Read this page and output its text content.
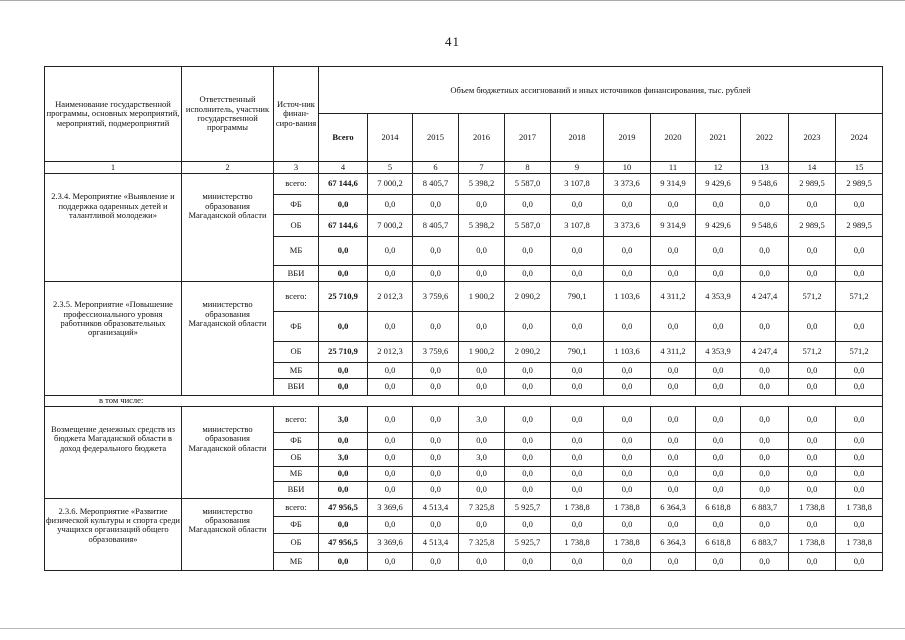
41
Наименование государственной программы, основных мероприятий, мероприятий, подмероприятий	Ответственный исполнитель, участник государственной программы	Источ-ник финан-сиро-вания	Объем бюджетных ассигнований и иных источников финансирования, тыс. рублей											
			Всего	2014	2015	2016	2017	2018	2019	2020	2021	2022	2023	2024
1	2	3	4	5	6	7	8	9	10	11	12	13	14	15
2.3.4. Мероприятие «Выявление и поддержка одаренных детей и талантливой молодежи»	министерство образования Магаданской области	всего:	67 144,6	7 000,2	8 405,7	5 398,2	5 587,0	3 107,8	3 373,6	9 314,9	9 429,6	9 548,6	2 989,5	2 989,5
		ФБ	0,0	0,0	0,0	0,0	0,0	0,0	0,0	0,0	0,0	0,0	0,0	0,0
		ОБ	67 144,6	7 000,2	8 405,7	5 398,2	5 587,0	3 107,8	3 373,6	9 314,9	9 429,6	9 548,6	2 989,5	2 989,5
		МБ	0,0	0,0	0,0	0,0	0,0	0,0	0,0	0,0	0,0	0,0	0,0	0,0
		ВБИ	0,0	0,0	0,0	0,0	0,0	0,0	0,0	0,0	0,0	0,0	0,0	0,0
2.3.5. Мероприятие «Повышение профессионального уровня работников образовательных организаций»	министерство образования Магаданской области	всего:	25 710,9	2 012,3	3 759,6	1 900,2	2 090,2	790,1	1 103,6	4 311,2	4 353,9	4 247,4	571,2	571,2
		ФБ	0,0	0,0	0,0	0,0	0,0	0,0	0,0	0,0	0,0	0,0	0,0	0,0
		ОБ	25 710,9	2 012,3	3 759,6	1 900,2	2 090,2	790,1	1 103,6	4 311,2	4 353,9	4 247,4	571,2	571,2
		МБ	0,0	0,0	0,0	0,0	0,0	0,0	0,0	0,0	0,0	0,0	0,0	0,0
		ВБИ	0,0	0,0	0,0	0,0	0,0	0,0	0,0	0,0	0,0	0,0	0,0	0,0
в том числе:														
Возмещение денежных средств из бюджета Магаданской области в доход федерального бюджета	министерство образования Магаданской области	всего:	3,0	0,0	0,0	3,0	0,0	0,0	0,0	0,0	0,0	0,0	0,0	0,0
		ФБ	0,0	0,0	0,0	0,0	0,0	0,0	0,0	0,0	0,0	0,0	0,0	0,0
		ОБ	3,0	0,0	0,0	3,0	0,0	0,0	0,0	0,0	0,0	0,0	0,0	0,0
		МБ	0,0	0,0	0,0	0,0	0,0	0,0	0,0	0,0	0,0	0,0	0,0	0,0
		ВБИ	0,0	0,0	0,0	0,0	0,0	0,0	0,0	0,0	0,0	0,0	0,0	0,0
2.3.6. Мероприятие «Развитие физической культуры и спорта среди учащихся организаций общего образования»	министерство образования Магаданской области	всего:	47 956,5	3 369,6	4 513,4	7 325,8	5 925,7	1 738,8	1 738,8	6 364,3	6 618,8	6 883,7	1 738,8	1 738,8
		ФБ	0,0	0,0	0,0	0,0	0,0	0,0	0,0	0,0	0,0	0,0	0,0	0,0
		ОБ	47 956,5	3 369,6	4 513,4	7 325,8	5 925,7	1 738,8	1 738,8	6 364,3	6 618,8	6 883,7	1 738,8	1 738,8
		МБ	0,0	0,0	0,0	0,0	0,0	0,0	0,0	0,0	0,0	0,0	0,0	0,0
